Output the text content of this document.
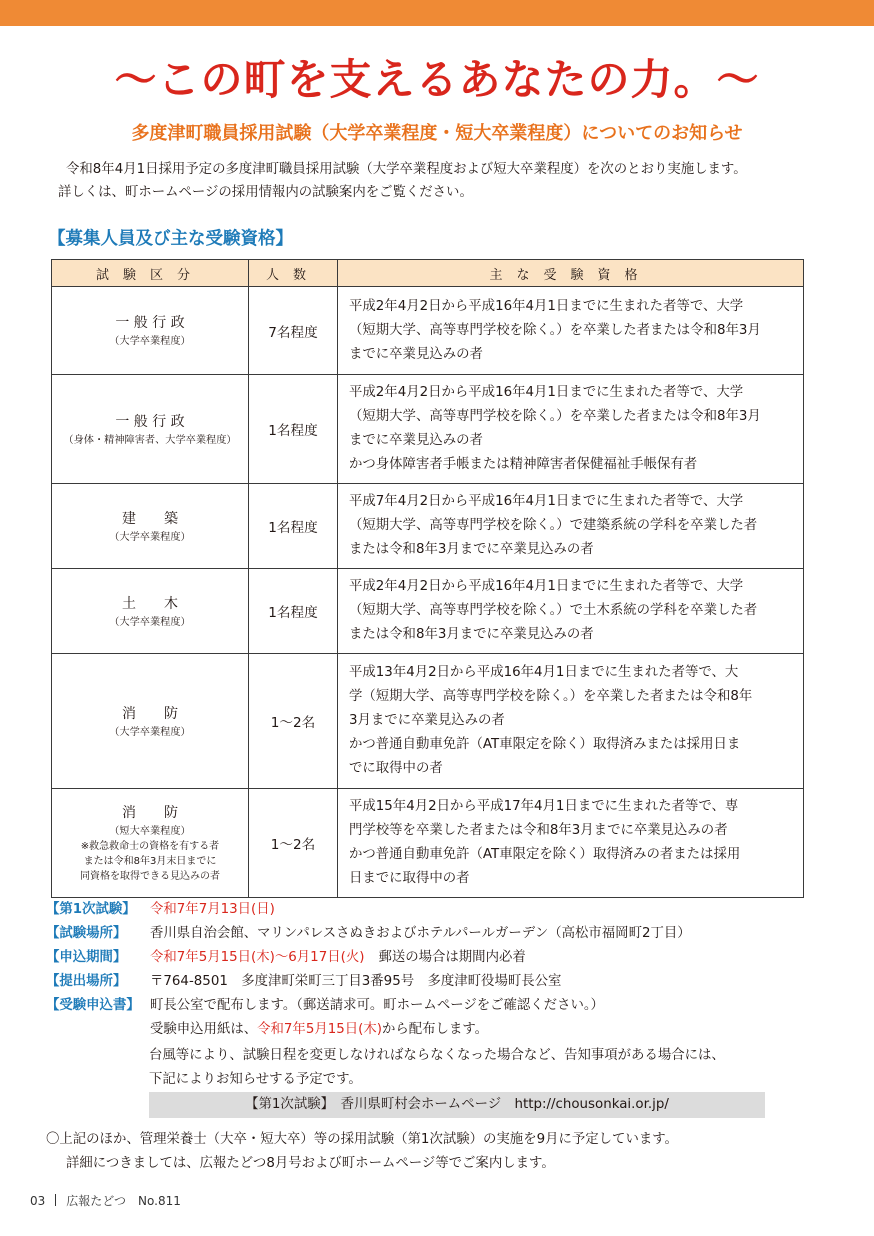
〜この町を支えるあなたの力。〜
多度津町職員採用試験（大学卒業程度・短大卒業程度）についてのお知らせ

令和8年4月1日採用予定の多度津町職員採用試験（大学卒業程度および短大卒業程度）を次のとおり実施します。

詳しくは、町ホームページの採用情報内の試験案内をご覧ください。

【募集人員及び主な受験資格】
試験区分	人数	主な受験資格

一 般 行 政
（大学卒業程度）	7名程度	平成2年4月2日から平成16年4月1日までに生まれた者等で、大学
（短期大学、高等専門学校を除く。）を卒業した者または令和8年3月
までに卒業見込みの者

一 般 行 政
（身体・精神障害者、大学卒業程度）	1名程度	平成2年4月2日から平成16年4月1日までに生まれた者等で、大学
（短期大学、高等専門学校を除く。）を卒業した者または令和8年3月
までに卒業見込みの者
かつ身体障害者手帳または精神障害者保健福祉手帳保有者

建　　築
（大学卒業程度）	1名程度	平成7年4月2日から平成16年4月1日までに生まれた者等で、大学
（短期大学、高等専門学校を除く。）で建築系統の学科を卒業した者
または令和8年3月までに卒業見込みの者

土　　木
（大学卒業程度）	1名程度	平成2年4月2日から平成16年4月1日までに生まれた者等で、大学
（短期大学、高等専門学校を除く。）で土木系統の学科を卒業した者
または令和8年3月までに卒業見込みの者

消　　防
（大学卒業程度）	1〜2名	平成13年4月2日から平成16年4月1日までに生まれた者等で、大
学（短期大学、高等専門学校を除く。）を卒業した者または令和8年
3月までに卒業見込みの者
かつ普通自動車免許（AT車限定を除く）取得済みまたは採用日ま
でに取得中の者

消　　防
（短大卒業程度）
※救急救命士の資格を有する者
または令和8年3月末日までに
同資格を取得できる見込みの者	1〜2名	平成15年4月2日から平成17年4月1日までに生まれた者等で、専
門学校等を卒業した者または令和8年3月までに卒業見込みの者
かつ普通自動車免許（AT車限定を除く）取得済みの者または採用
日までに取得中の者
【第1次試験】	令和7年7月13日(日)
【試験場所】	香川県自治会館、マリンパレスさぬきおよびホテルパールガーデン（高松市福岡町2丁目）
【申込期間】	令和7年5月15日(木)〜6月17日(火) 郵送の場合は期間内必着
【提出場所】	〒764-8501　多度津町栄町三丁目3番95号　多度津町役場町長公室
【受験申込書】 町長公室で配布します。（郵送請求可。町ホームページをご確認ください。）
受験申込用紙は、 令和7年5月15日(木) から配布します。

台風等により、試験日程を変更しなければならなくなった場合など、告知事項がある場合には、

下記によりお知らせする予定です。

【第1次試験】　香川県町村会ホームページ　http://chousonkai.or.jp/

〇上記のほか、管理栄養士（大卒・短大卒）等の採用試験（第1次試験）の実施を9月に予定しています。

詳細につきましては、広報たどつ8月号および町ホームページ等でご案内します。

03 広報たどつ　No.811
